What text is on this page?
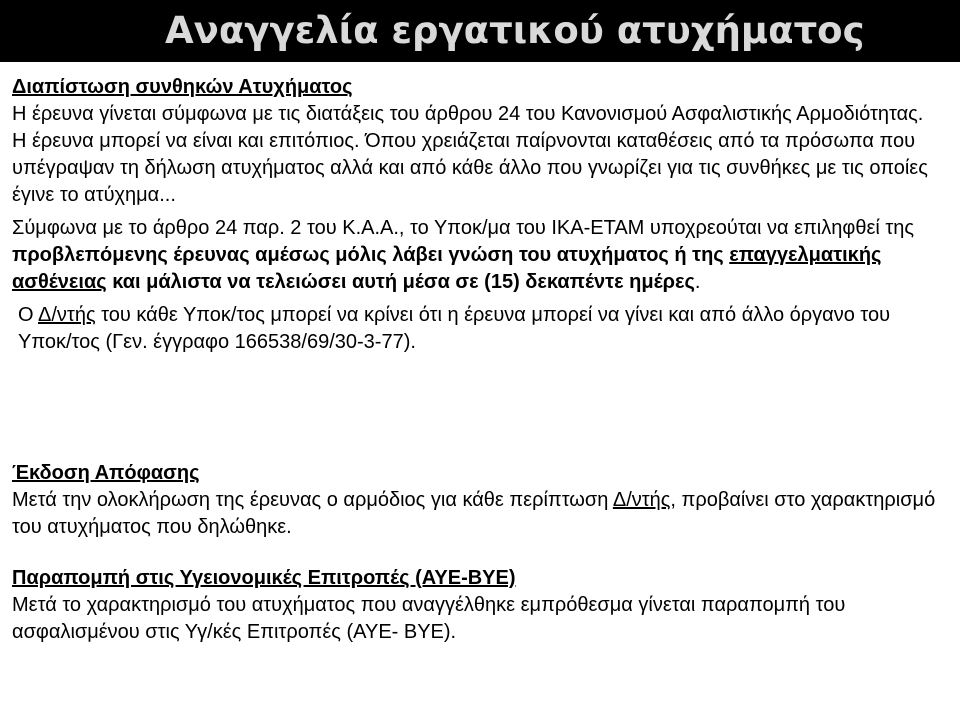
Αναγγελία εργατικού ατυχήματος

Διαπίστωση συνθηκών Ατυχήματος

Η έρευνα γίνεται σύμφωνα με τις διατάξεις του άρθρου 24 του Κανονισμού Ασφαλιστικής Αρμοδιότητας.

Η έρευνα μπορεί να είναι και επιτόπιος. Όπου χρειάζεται παίρνονται καταθέσεις από τα πρόσωπα που υπέγραψαν τη δήλωση ατυχήματος αλλά και από κάθε άλλο που γνωρίζει για τις συνθήκες με τις οποίες έγινε το ατύχημα...

Σύμφωνα με το άρθρο 24 παρ. 2 του Κ.Α.Α., το Υποκ/μα του ΙΚΑ-ΕΤΑΜ υποχρεούται να επιληφθεί της προβλεπόμενης έρευνας αμέσως μόλις λάβει γνώση του ατυχήματος ή της επαγγελματικής ασθένειας και μάλιστα να τελειώσει αυτή μέσα σε (15) δεκαπέντε ημέρες.

Ο Δ/ντής του κάθε Υποκ/τος μπορεί να κρίνει ότι η έρευνα μπορεί να γίνει και από άλλο όργανο του Υποκ/τος (Γεν. έγγραφο 166538/69/30-3-77).

Έκδοση Απόφασης

Μετά την ολοκλήρωση της έρευνας ο αρμόδιος για κάθε περίπτωση Δ/ντής, προβαίνει στο χαρακτηρισμό του ατυχήματος που δηλώθηκε.

Παραπομπή στις Υγειονομικές Επιτροπές (ΑΥΕ-ΒΥΕ)

Μετά το χαρακτηρισμό του ατυχήματος που αναγγέλθηκε εμπρόθεσμα γίνεται παραπομπή του ασφαλισμένου στις Υγ/κές Επιτροπές (ΑΥΕ- ΒΥΕ).
